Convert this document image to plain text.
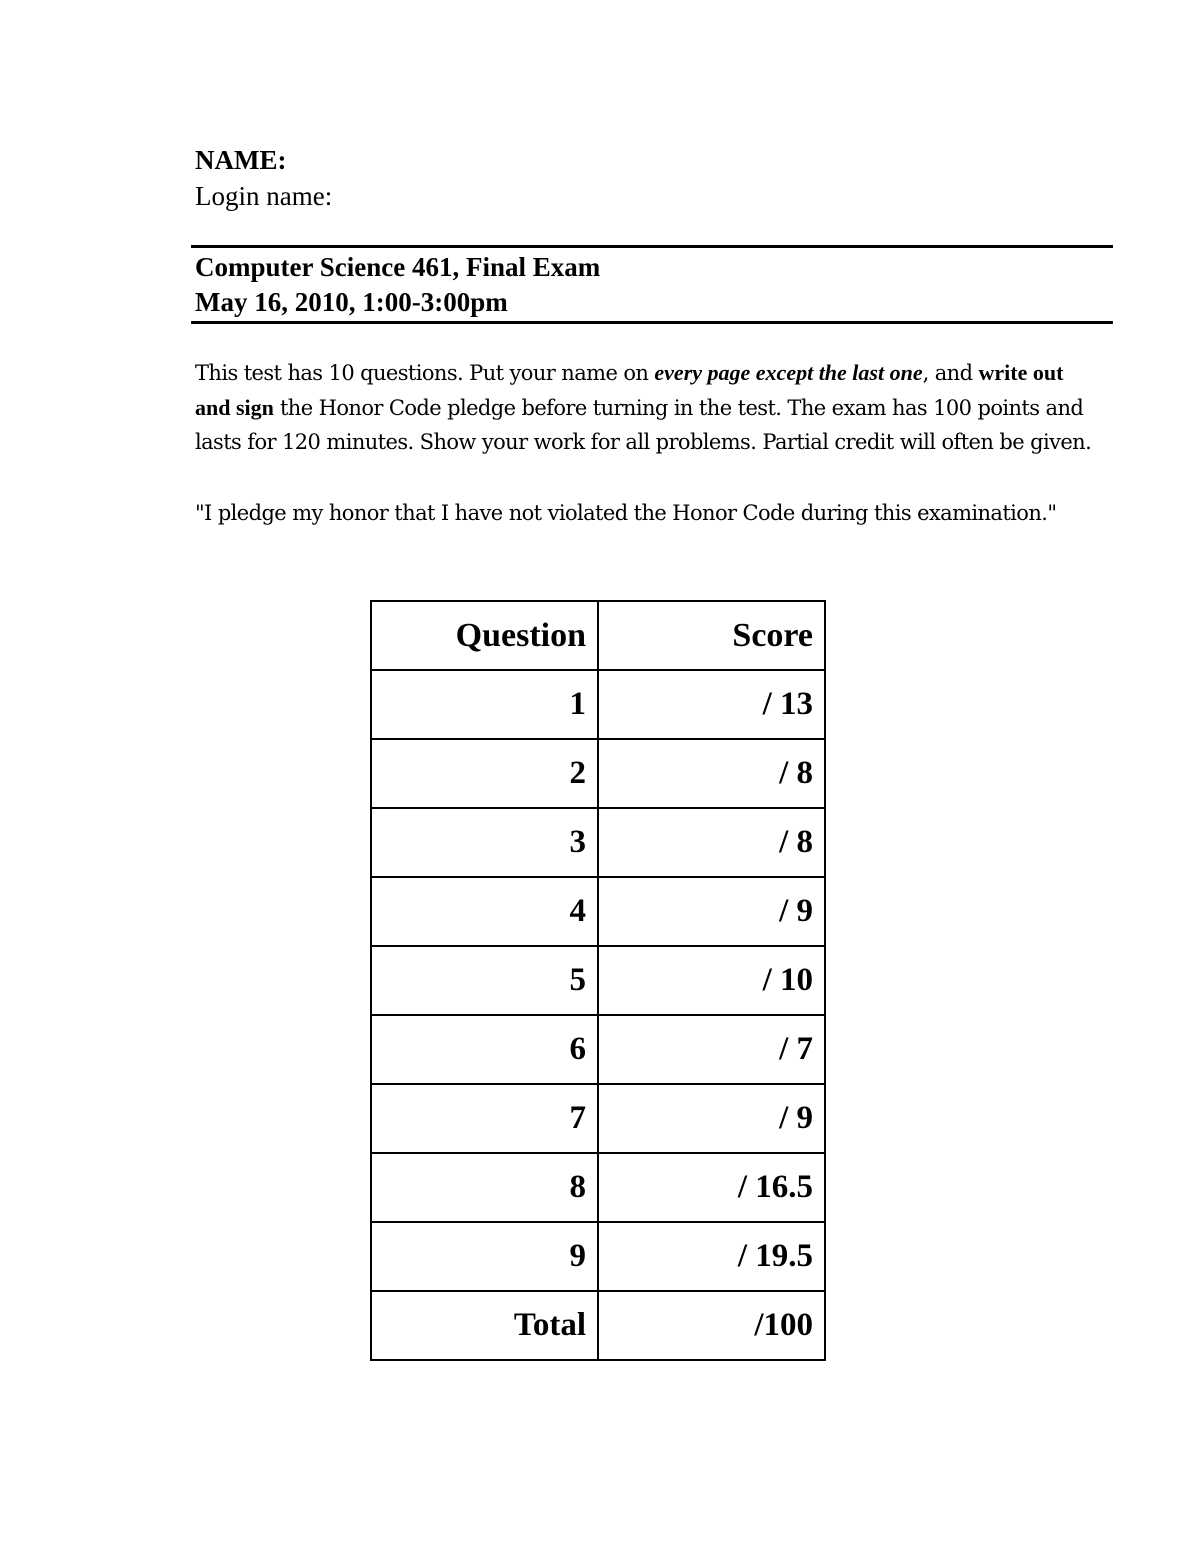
NAME:
Login name:
Computer Science 461, Final Exam
May 16, 2010, 1:00-3:00pm
This test has 10 questions. Put your name on every page except the last one, and write out
and sign the Honor Code pledge before turning in the test. The exam has 100 points and
lasts for 120 minutes. Show your work for all problems. Partial credit will often be given.
"I pledge my honor that I have not violated the Honor Code during this examination."
Question	Score
1	/ 13
2	/ 8
3	/ 8
4	/ 9
5	/ 10
6	/ 7
7	/ 9
8	/ 16.5
9	/ 19.5
Total	/100
